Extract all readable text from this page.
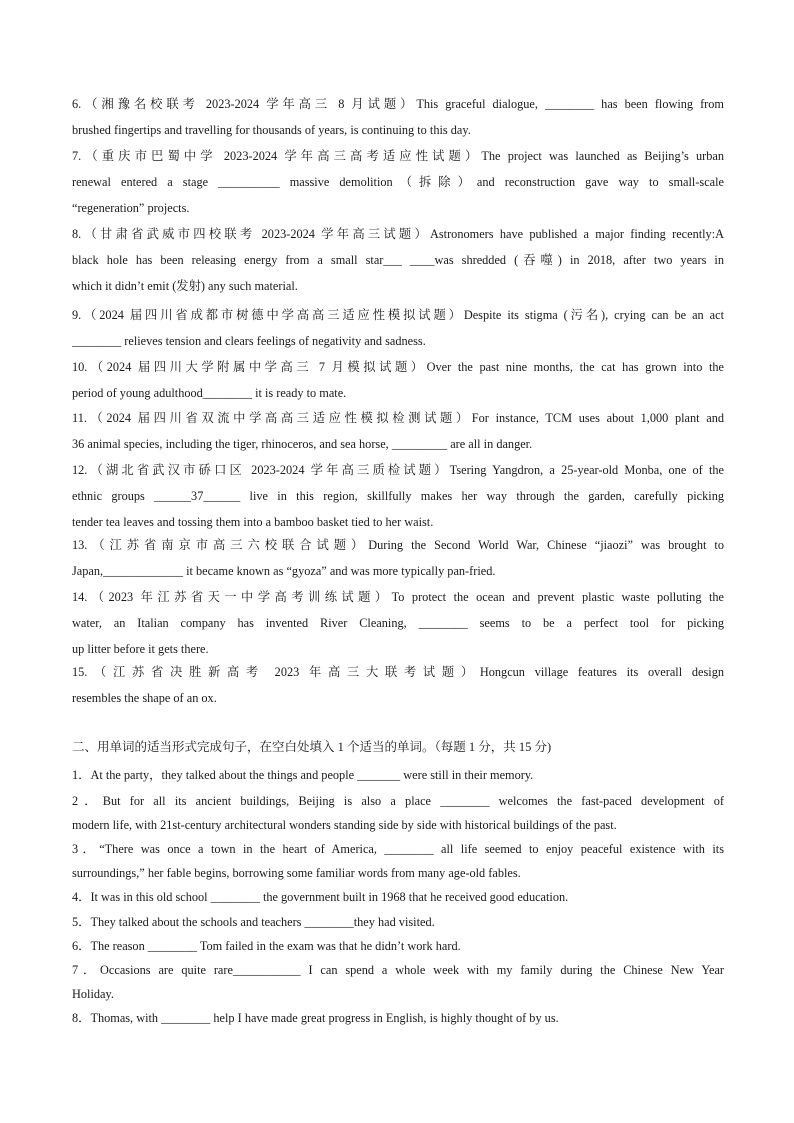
6.（湘豫名校联考 2023-2024 学年高三 8 月试题）This graceful dialogue, ________ has been flowing from
brushed fingertips and travelling for thousands of years, is continuing to this day.
7.（重庆市巴蜀中学 2023-2024 学年高三高考适应性试题）The project was launched as Beijing’s urban
renewal entered a stage __________ massive demolition（拆除）and reconstruction gave way to small-scale
“regeneration” projects.
8.（甘肃省武威市四校联考 2023-2024 学年高三试题）Astronomers have published a major finding recently:A
black hole has been releasing energy from a small star___ ____was shredded (吞噬) in 2018, after two years in
which it didn’t emit (发射) any such material.
9.（2024 届四川省成都市树德中学高高三适应性模拟试题）Despite its stigma (污名), crying can be an act
________ relieves tension and clears feelings of negativity and sadness.
10.（2024 届四川大学附属中学高三 7 月模拟试题）Over the past nine months, the cat has grown into the
period of young adulthood________ it is ready to mate.
11.（2024 届四川省双流中学高高三适应性模拟检测试题）For instance, TCM uses about 1,000 plant and
36 animal species, including the tiger, rhinoceros, and sea horse, _________ are all in danger.
12.（湖北省武汉市硚口区 2023-2024 学年高三质检试题）Tsering Yangdron, a 25-year-old Monba, one of the
ethnic groups ______37______ live in this region, skillfully makes her way through the garden, carefully picking
tender tea leaves and tossing them into a bamboo basket tied to her waist.
13.（江苏省南京市高三六校联合试题）During the Second World War, Chinese “jiaozi” was brought to
Japan,_____________ it became known as “gyoza” and was more typically pan-fried.
14.（2023 年江苏省天一中学高考训练试题）To protect the ocean and prevent plastic waste polluting the
water, an Italian company has invented River Cleaning, ________ seems to be a perfect tool for picking
up litter before it gets there.
15.（江苏省决胜新高考 2023 年高三大联考试题）Hongcun village features its overall design
resembles the shape of an ox.
二、用单词的适当形式完成句子，在空白处填入 1 个适当的单词。（每题 1 分，共 15 分)
1．At the party，they talked about the things and people _______ were still in their memory.
2．But for all its ancient buildings, Beijing is also a place ________ welcomes the fast-paced development of
modern life, with 21st-century architectural wonders standing side by side with historical buildings of the past.
3．“There was once a town in the heart of America, ________ all life seemed to enjoy peaceful existence with its
surroundings,” her fable begins, borrowing some familiar words from many age-old fables.
4．It was in this old school ________ the government built in 1968 that he received good education.
5．They talked about the schools and teachers ________they had visited.
6．The reason ________ Tom failed in the exam was that he didn’t work hard.
7．Occasions are quite rare___________ I can spend a whole week with my family during the Chinese New Year
Holiday.
8．Thomas, with ________ help I have made great progress in English, is highly thought of by us.
